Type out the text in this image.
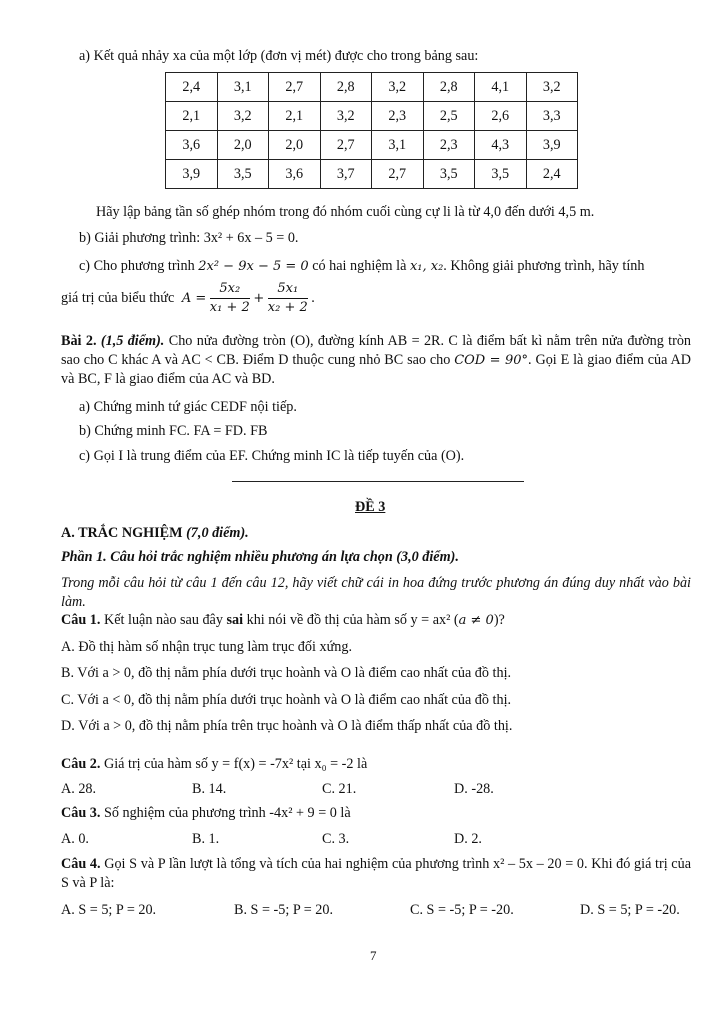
a) Kết quả nhảy xa của một lớp (đơn vị mét) được cho trong bảng sau:
2,4	3,1	2,7	2,8	3,2	2,8	4,1	3,2
2,1	3,2	2,1	3,2	2,3	2,5	2,6	3,3
3,6	2,0	2,0	2,7	3,1	2,3	4,3	3,9
3,9	3,5	3,6	3,7	2,7	3,5	3,5	2,4
Hãy lập bảng tần số ghép nhóm trong đó nhóm cuối cùng cự li là từ 4,0 đến dưới 4,5 m.
b) Giải phương trình: 3x² + 6x – 5 = 0.
c) Cho phương trình 2x² − 9x − 5 = 0 có hai nghiệm là x₁, x₂. Không giải phương trình, hãy tính
giá trị của biểu thức $A = \frac{\text{5x₂}}{\text{x₁ + 2}} + \frac{\text{5x₁}}{\text{x₂ + 2}}$ .
Bài 2. (1,5 điểm). Cho nửa đường tròn (O), đường kính AB = 2R. C là điểm bất kì nằm trên nửa đường tròn sao cho C khác A và AC < CB. Điểm D thuộc cung nhỏ BC sao cho COD = 90°. Gọi E là giao điểm của AD và BC, F là giao điểm của AC và BD.
a) Chứng minh tứ giác CEDF nội tiếp.
b) Chứng minh FC. FA = FD. FB
c) Gọi I là trung điểm của EF. Chứng minh IC là tiếp tuyến của (O).
ĐỀ 3
A. TRẮC NGHIỆM (7,0 điểm).
Phần 1. Câu hỏi trắc nghiệm nhiều phương án lựa chọn (3,0 điểm).
Trong mỗi câu hỏi từ câu 1 đến câu 12, hãy viết chữ cái in hoa đứng trước phương án đúng duy nhất vào bài làm.
Câu 1. Kết luận nào sau đây sai khi nói về đồ thị của hàm số y = ax² (a ≠ 0)?
A. Đồ thị hàm số nhận trục tung làm trục đối xứng.
B. Với a > 0, đồ thị nằm phía dưới trục hoành và O là điểm cao nhất của đồ thị.
C. Với a < 0, đồ thị nằm phía dưới trục hoành và O là điểm cao nhất của đồ thị.
D. Với a > 0, đồ thị nằm phía trên trục hoành và O là điểm thấp nhất của đồ thị.
Câu 2. Giá trị của hàm số y = f(x) = -7x² tại x₀ = -2 là
A. 28.	B. 14.	C. 21.	D. -28.
Câu 3. Số nghiệm của phương trình -4x² + 9 = 0 là
A. 0.	B. 1.	C. 3.	D. 2.
Câu 4. Gọi S và P lần lượt là tổng và tích của hai nghiệm của phương trình x² – 5x – 20 = 0. Khi đó giá trị của S và P là:
A. S = 5; P = 20.	B. S = -5; P = 20.	C. S = -5; P = -20.	D. S = 5; P = -20.
7
